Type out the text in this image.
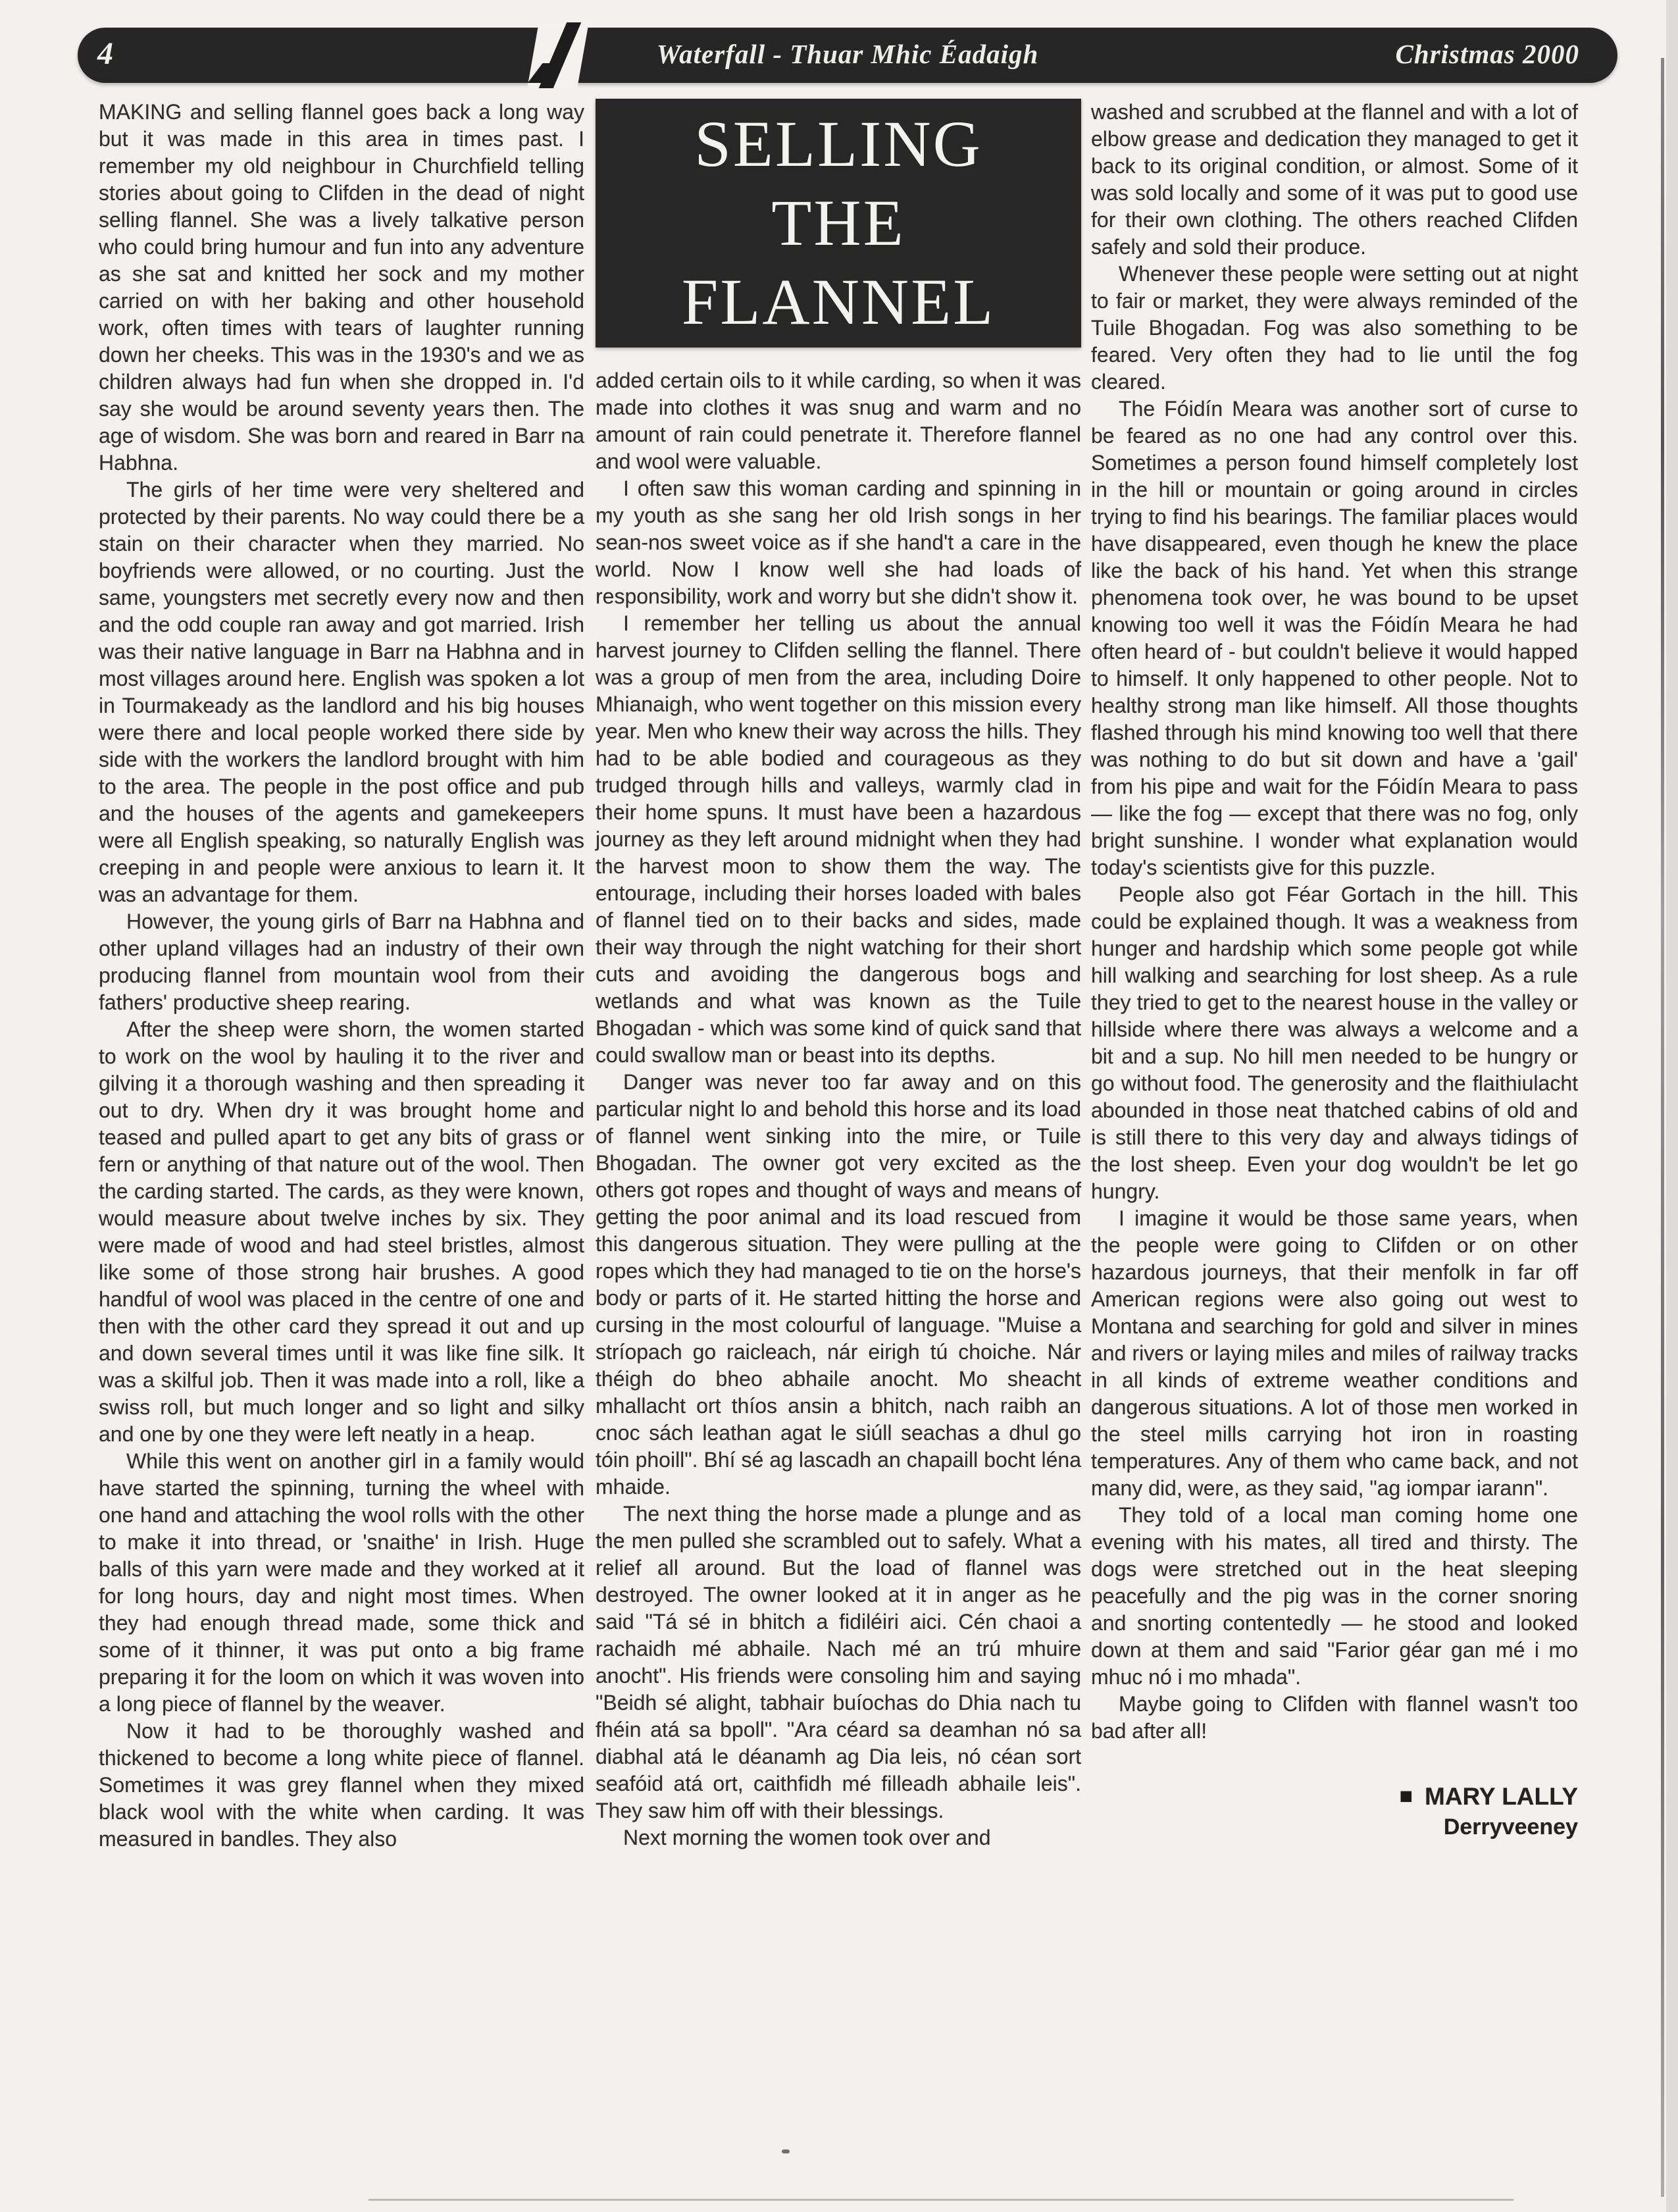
4	Waterfall - Thuar Mhic Éadaigh	Christmas 2000

MAKING and selling flannel goes back a long way but it was made in this area in times past. I remember my old neighbour in Churchfield telling stories about going to Clifden in the dead of night selling flannel. She was a lively talkative person who could bring humour and fun into any adventure as she sat and knitted her sock and my mother carried on with her baking and other household work, often times with tears of laughter running down her cheeks. This was in the 1930's and we as children always had fun when she dropped in. I'd say she would be around seventy years then. The age of wisdom. She was born and reared in Barr na Habhna.

The girls of her time were very sheltered and protected by their parents. No way could there be a stain on their character when they married. No boyfriends were allowed, or no courting. Just the same, youngsters met secretly every now and then and the odd couple ran away and got married. Irish was their native language in Barr na Habhna and in most villages around here. English was spoken a lot in Tourmakeady as the landlord and his big houses were there and local people worked there side by side with the workers the landlord brought with him to the area. The people in the post office and pub and the houses of the agents and gamekeepers were all English speaking, so naturally English was creeping in and people were anxious to learn it. It was an advantage for them.

However, the young girls of Barr na Habhna and other upland villages had an industry of their own producing flannel from mountain wool from their fathers' productive sheep rearing.

After the sheep were shorn, the women started to work on the wool by hauling it to the river and gilving it a thorough washing and then spreading it out to dry. When dry it was brought home and teased and pulled apart to get any bits of grass or fern or anything of that nature out of the wool. Then the carding started. The cards, as they were known, would measure about twelve inches by six. They were made of wood and had steel bristles, almost like some of those strong hair brushes. A good handful of wool was placed in the centre of one and then with the other card they spread it out and up and down several times until it was like fine silk. It was a skilful job. Then it was made into a roll, like a swiss roll, but much longer and so light and silky and one by one they were left neatly in a heap.

While this went on another girl in a family would have started the spinning, turning the wheel with one hand and attaching the wool rolls with the other to make it into thread, or 'snaithe' in Irish. Huge balls of this yarn were made and they worked at it for long hours, day and night most times. When they had enough thread made, some thick and some of it thinner, it was put onto a big frame preparing it for the loom on which it was woven into a long piece of flannel by the weaver.

Now it had to be thoroughly washed and thickened to become a long white piece of flannel. Sometimes it was grey flannel when they mixed black wool with the white when carding. It was measured in bandles. They also

SELLING
THE
FLANNEL

added certain oils to it while carding, so when it was made into clothes it was snug and warm and no amount of rain could penetrate it. Therefore flannel and wool were valuable.

I often saw this woman carding and spinning in my youth as she sang her old Irish songs in her sean-nos sweet voice as if she hand't a care in the world. Now I know well she had loads of responsibility, work and worry but she didn't show it.

I remember her telling us about the annual harvest journey to Clifden selling the flannel. There was a group of men from the area, including Doire Mhianaigh, who went together on this mission every year. Men who knew their way across the hills. They had to be able bodied and courageous as they trudged through hills and valleys, warmly clad in their home spuns. It must have been a hazardous journey as they left around midnight when they had the harvest moon to show them the way. The entourage, including their horses loaded with bales of flannel tied on to their backs and sides, made their way through the night watching for their short cuts and avoiding the dangerous bogs and wetlands and what was known as the Tuile Bhogadan - which was some kind of quick sand that could swallow man or beast into its depths.

Danger was never too far away and on this particular night lo and behold this horse and its load of flannel went sinking into the mire, or Tuile Bhogadan. The owner got very excited as the others got ropes and thought of ways and means of getting the poor animal and its load rescued from this dangerous situation. They were pulling at the ropes which they had managed to tie on the horse's body or parts of it. He started hitting the horse and cursing in the most colourful of language. "Muise a stríopach go raicleach, nár eirigh tú choiche. Nár théigh do bheo abhaile anocht. Mo sheacht mhallacht ort thíos ansin a bhitch, nach raibh an cnoc sách leathan agat le siúll seachas a dhul go tóin phoill". Bhí sé ag lascadh an chapaill bocht léna mhaide.

The next thing the horse made a plunge and as the men pulled she scrambled out to safely. What a relief all around. But the load of flannel was destroyed. The owner looked at it in anger as he said "Tá sé in bhitch a fidiléiri aici. Cén chaoi a rachaidh mé abhaile. Nach mé an trú mhuire anocht". His friends were consoling him and saying "Beidh sé alight, tabhair buíochas do Dhia nach tu fhéin atá sa bpoll". "Ara céard sa deamhan nó sa diabhal atá le déanamh ag Dia leis, nó céan sort seafóid atá ort, caithfidh mé filleadh abhaile leis". They saw him off with their blessings.

Next morning the women took over and

washed and scrubbed at the flannel and with a lot of elbow grease and dedication they managed to get it back to its original condition, or almost. Some of it was sold locally and some of it was put to good use for their own clothing. The others reached Clifden safely and sold their produce.

Whenever these people were setting out at night to fair or market, they were always reminded of the Tuile Bhogadan. Fog was also something to be feared. Very often they had to lie until the fog cleared.

The Fóidín Meara was another sort of curse to be feared as no one had any control over this. Sometimes a person found himself completely lost in the hill or mountain or going around in circles trying to find his bearings. The familiar places would have disappeared, even though he knew the place like the back of his hand. Yet when this strange phenomena took over, he was bound to be upset knowing too well it was the Fóidín Meara he had often heard of - but couldn't believe it would happed to himself. It only happened to other people. Not to healthy strong man like himself. All those thoughts flashed through his mind knowing too well that there was nothing to do but sit down and have a 'gail' from his pipe and wait for the Fóidín Meara to pass — like the fog — except that there was no fog, only bright sunshine. I wonder what explanation would today's scientists give for this puzzle.

People also got Féar Gortach in the hill. This could be explained though. It was a weakness from hunger and hardship which some people got while hill walking and searching for lost sheep. As a rule they tried to get to the nearest house in the valley or hillside where there was always a welcome and a bit and a sup. No hill men needed to be hungry or go without food. The generosity and the flaithiulacht abounded in those neat thatched cabins of old and is still there to this very day and always tidings of the lost sheep. Even your dog wouldn't be let go hungry.

I imagine it would be those same years, when the people were going to Clifden or on other hazardous journeys, that their menfolk in far off American regions were also going out west to Montana and searching for gold and silver in mines and rivers or laying miles and miles of railway tracks in all kinds of extreme weather conditions and dangerous situations. A lot of those men worked in the steel mills carrying hot iron in roasting temperatures. Any of them who came back, and not many did, were, as they said, "ag iompar iarann".

They told of a local man coming home one evening with his mates, all tired and thirsty. The dogs were stretched out in the heat sleeping peacefully and the pig was in the corner snoring and snorting contentedly — he stood and looked down at them and said "Farior géar gan mé i mo mhuc nó i mo mhada".

Maybe going to Clifden with flannel wasn't too bad after all!

■ MARY LALLY
Derryveeney
